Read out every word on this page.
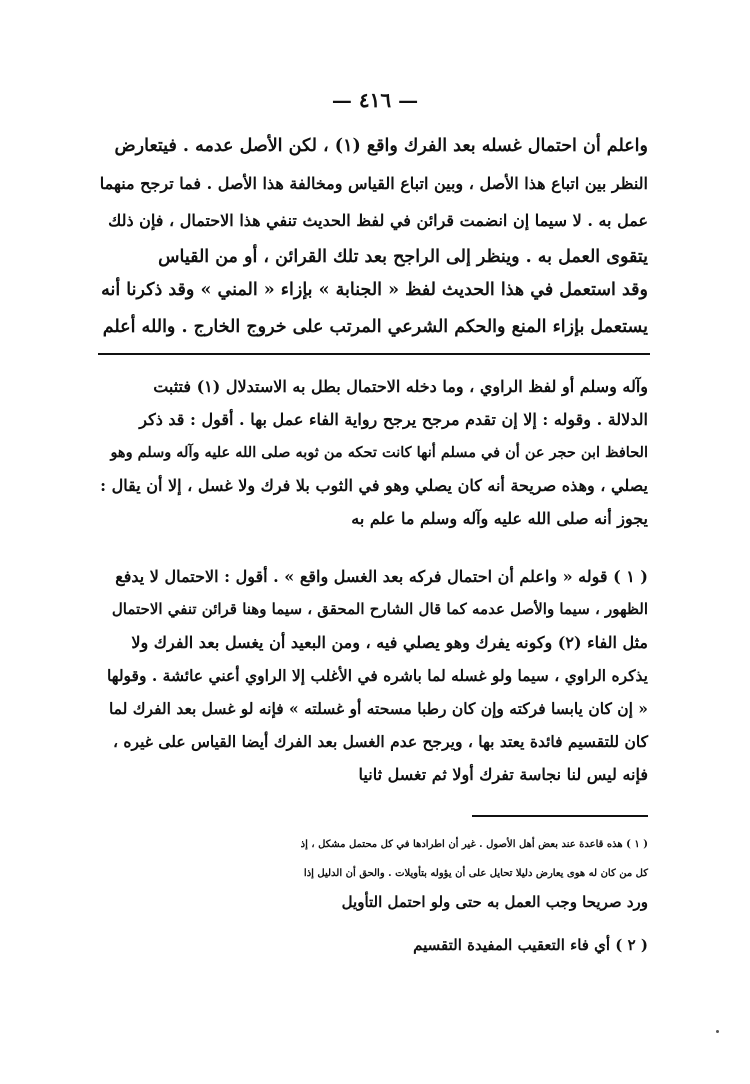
— ٤١٦ —
واعلم أن احتمال غسله بعد الفرك واقع (١) ، لكن الأصل عدمه . فيتعارض
النظر بين اتباع هذا الأصل ، وبين اتباع القياس ومخالفة هذا الأصل . فما ترجح منهما
عمل به . لا سيما إن انضمت قرائن في لفظ الحديث تنفي هذا الاحتمال ، فإن ذلك
يتقوى العمل به . وينظر إلى الراجح بعد تلك القرائن ، أو من القياس
وقد استعمل في هذا الحديث لفظ « الجنابة » بإزاء « المني » وقد ذكرنا أنه
يستعمل بإزاء المنع والحكم الشرعي المرتب على خروج الخارج . والله أعلم
وآله وسلم أو لفظ الراوي ، وما دخله الاحتمال بطل به الاستدلال (١) فتثبت
الدلالة . وقوله : إلا إن تقدم مرجح يرجح رواية الفاء عمل بها . أقول : قد ذكر
الحافظ ابن حجر عن أن في مسلم أنها كانت تحكه من ثوبه صلى الله عليه وآله وسلم وهو
يصلي ، وهذه صريحة أنه كان يصلي وهو في الثوب بلا فرك ولا غسل ، إلا أن يقال :
يجوز أنه صلى الله عليه وآله وسلم ما علم به
( ١ ) قوله « واعلم أن احتمال فركه بعد الغسل واقع » . أقول : الاحتمال لا يدفع
الظهور ، سيما والأصل عدمه كما قال الشارح المحقق ، سيما وهنا قرائن تنفي الاحتمال
مثل الفاء (٢) وكونه يفرك وهو يصلي فيه ، ومن البعيد أن يغسل بعد الفرك ولا
يذكره الراوي ، سيما ولو غسله لما باشره في الأغلب إلا الراوي أعني عائشة . وقولها
« إن كان يابسا فركته وإن كان رطبا مسحته أو غسلته » فإنه لو غسل بعد الفرك لما
كان للتقسيم فائدة يعتد بها ، ويرجح عدم الغسل بعد الفرك أيضا القياس على غيره ،
فإنه ليس لنا نجاسة تفرك أولا ثم تغسل ثانيا
( ١ ) هذه قاعدة عند بعض أهل الأصول . غير أن اطرادها في كل محتمل مشكل ، إذ
كل من كان له هوى يعارض دليلا تحايل على أن يؤوله بتأويلات . والحق أن الدليل إذا
ورد صريحا وجب العمل به حتى ولو احتمل التأويل
( ٢ ) أي فاء التعقيب المفيدة التقسيم
